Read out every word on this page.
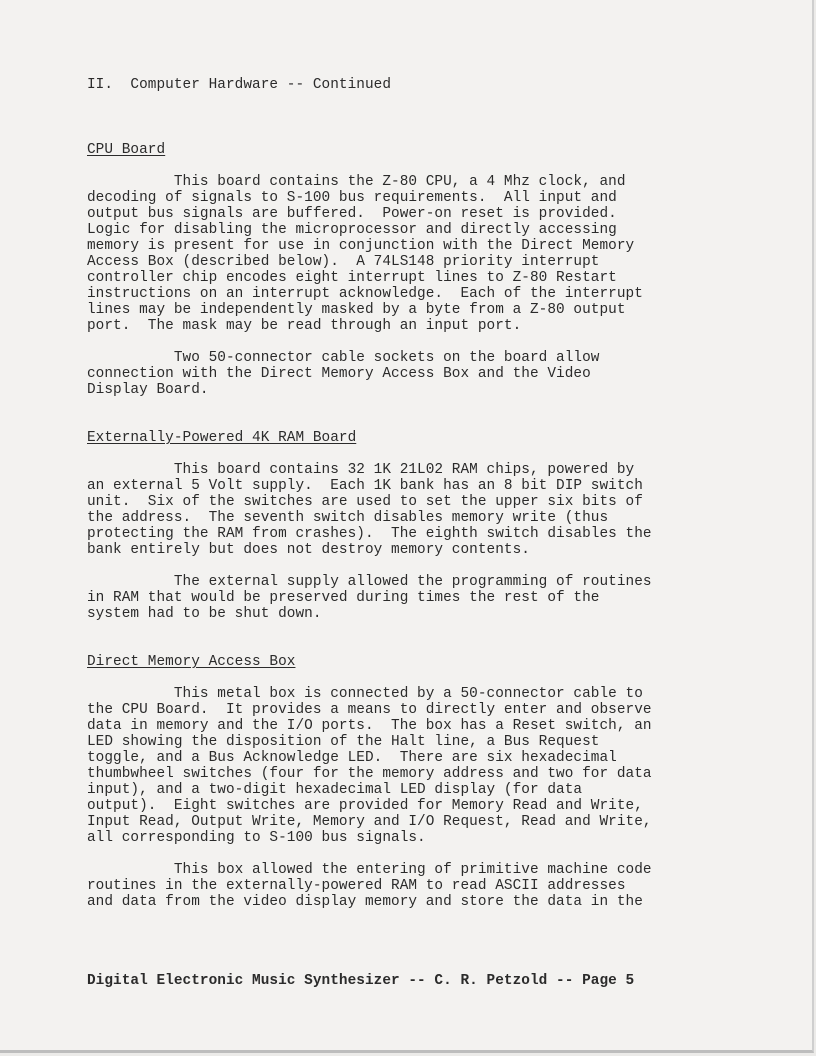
II.  Computer Hardware -- Continued
CPU Board
This board contains the Z-80 CPU, a 4 Mhz clock, and
decoding of signals to S-100 bus requirements.  All input and
output bus signals are buffered.  Power-on reset is provided.
Logic for disabling the microprocessor and directly accessing
memory is present for use in conjunction with the Direct Memory
Access Box (described below).  A 74LS148 priority interrupt
controller chip encodes eight interrupt lines to Z-80 Restart
instructions on an interrupt acknowledge.  Each of the interrupt
lines may be independently masked by a byte from a Z-80 output
port.  The mask may be read through an input port.
Two 50-connector cable sockets on the board allow
connection with the Direct Memory Access Box and the Video
Display Board.
Externally-Powered 4K RAM Board
This board contains 32 1K 21L02 RAM chips, powered by
an external 5 Volt supply.  Each 1K bank has an 8 bit DIP switch
unit.  Six of the switches are used to set the upper six bits of
the address.  The seventh switch disables memory write (thus
protecting the RAM from crashes).  The eighth switch disables the
bank entirely but does not destroy memory contents.
The external supply allowed the programming of routines
in RAM that would be preserved during times the rest of the
system had to be shut down.
Direct Memory Access Box
This metal box is connected by a 50-connector cable to
the CPU Board.  It provides a means to directly enter and observe
data in memory and the I/O ports.  The box has a Reset switch, an
LED showing the disposition of the Halt line, a Bus Request
toggle, and a Bus Acknowledge LED.  There are six hexadecimal
thumbwheel switches (four for the memory address and two for data
input), and a two-digit hexadecimal LED display (for data
output).  Eight switches are provided for Memory Read and Write,
Input Read, Output Write, Memory and I/O Request, Read and Write,
all corresponding to S-100 bus signals.
This box allowed the entering of primitive machine code
routines in the externally-powered RAM to read ASCII addresses
and data from the video display memory and store the data in the
Digital Electronic Music Synthesizer -- C. R. Petzold -- Page 5
